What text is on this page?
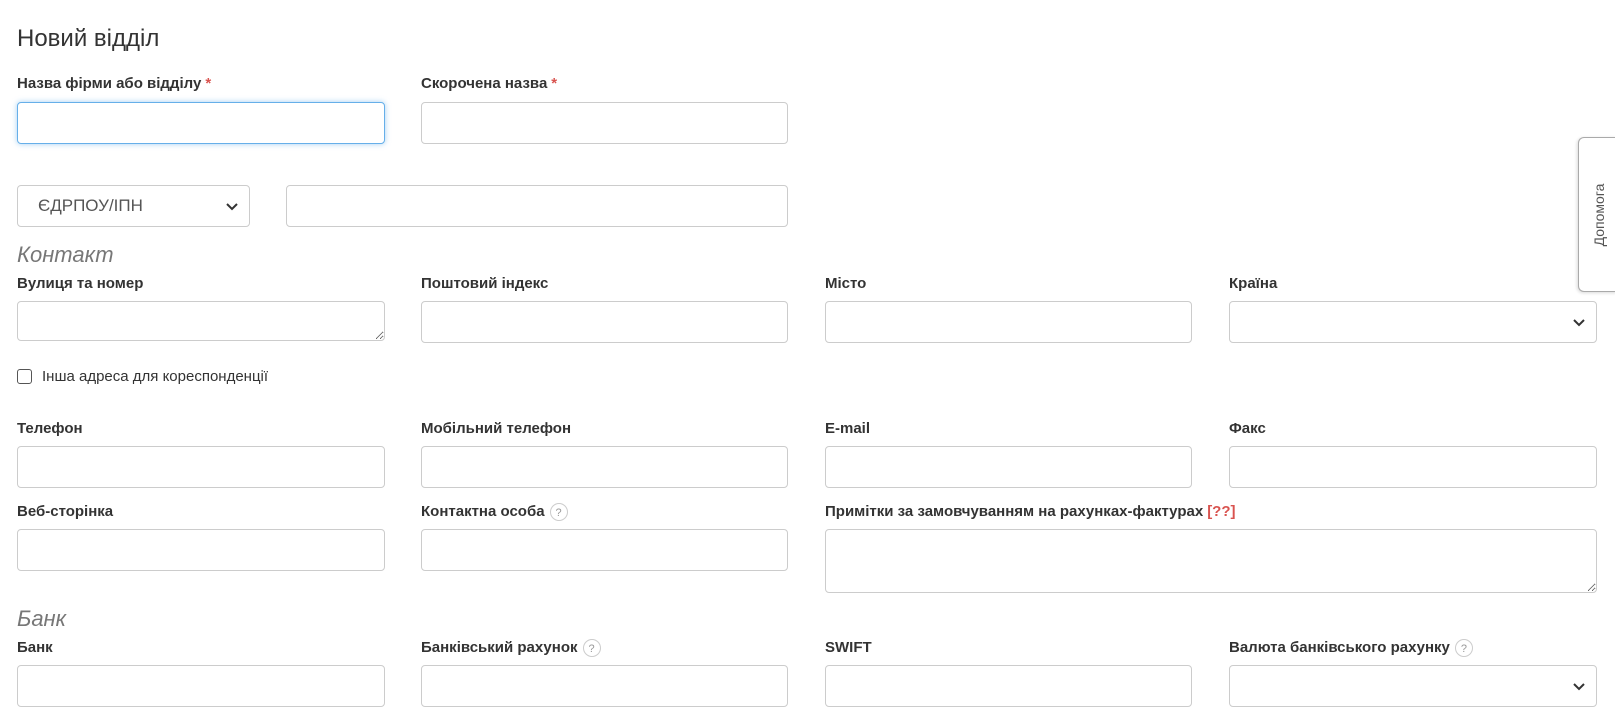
Новий відділ
Назва фірми або відділу *	Скорочена назва *
ЄДРПОУ/ІПН
Контакт
Вулиця та номер	Поштовий індекс	Місто	Країна
Інша адреса для кореспонденції
Телефон	Мобільний телефон	E-mail	Факс
Веб-сторінка	Контактна особа ?	Примітки за замовчуванням на рахунках-фактурах [??]
Банк
Банк	Банківський рахунок ?	SWIFT	Валюта банківського рахунку ?
Допомога
